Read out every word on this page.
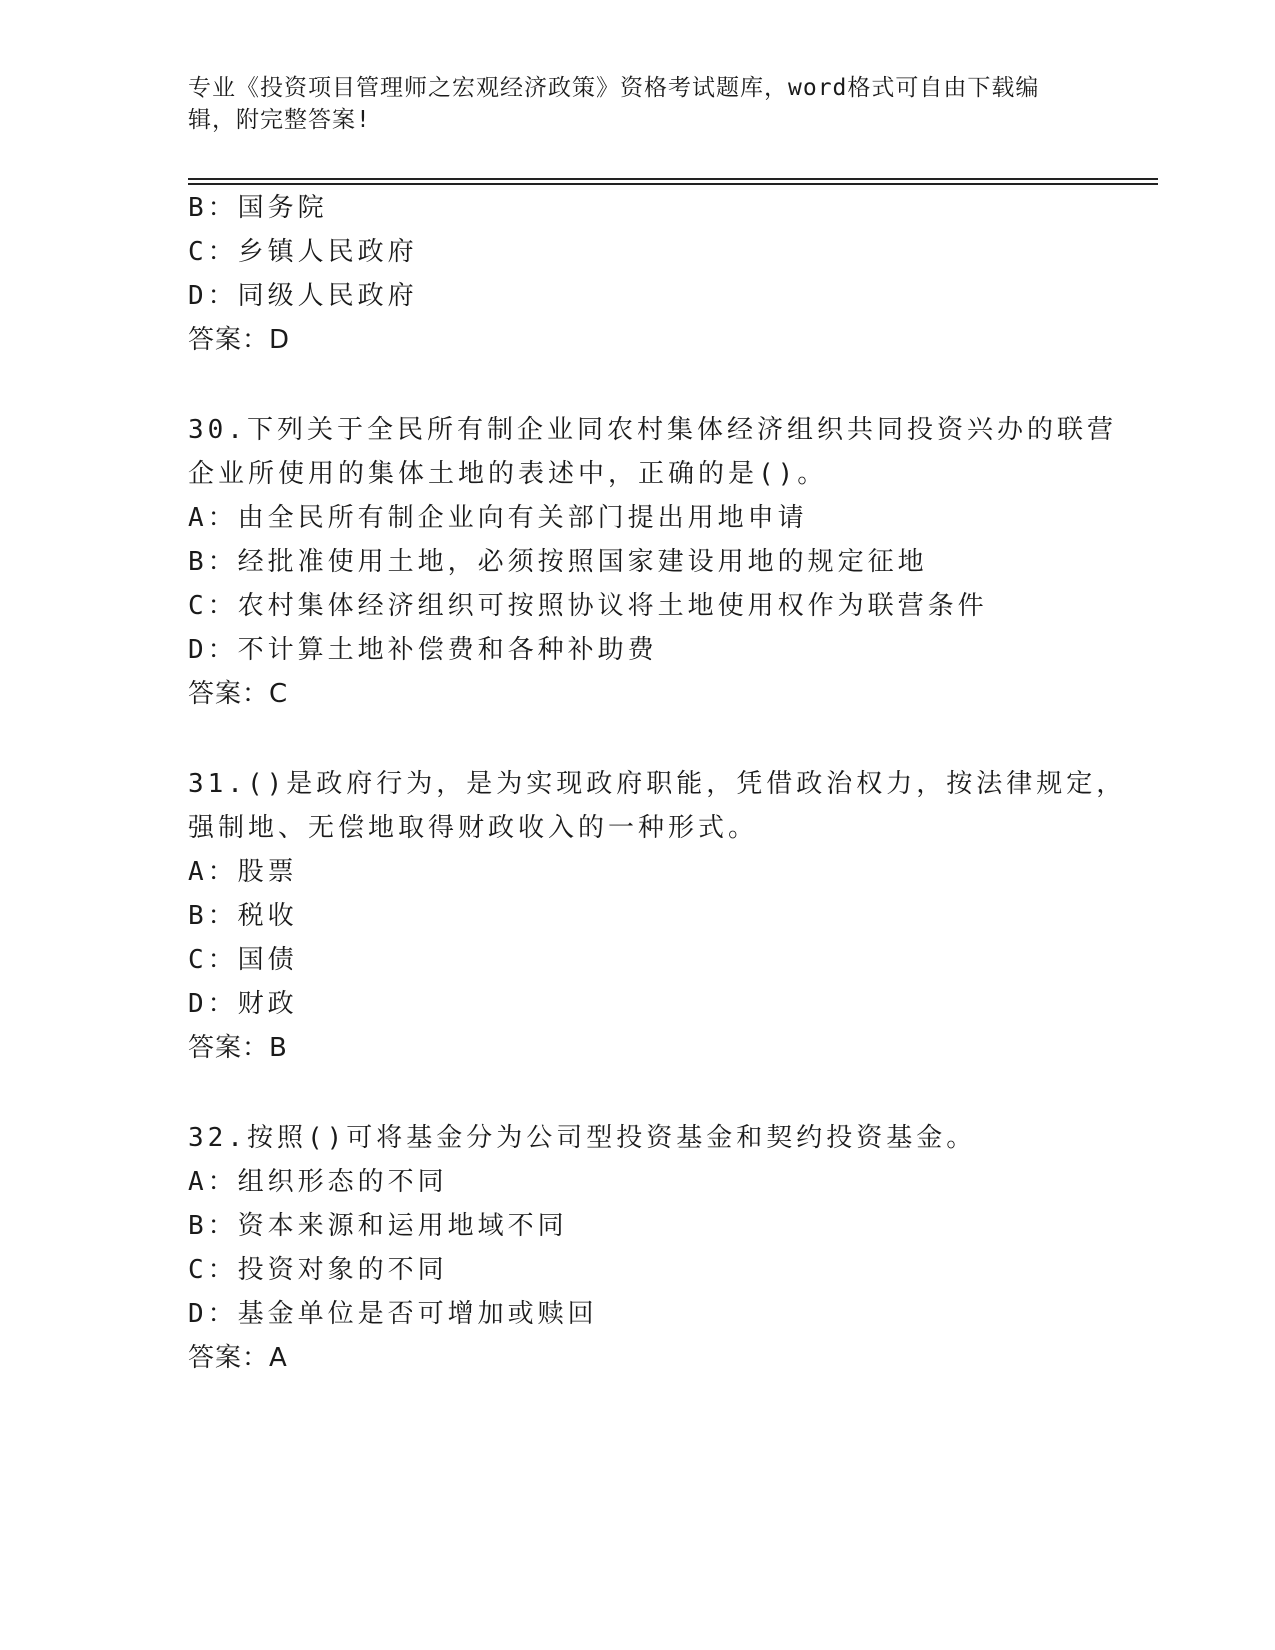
专业《投资项目管理师之宏观经济政策》资格考试题库，word格式可自由下载编
辑，附完整答案!
B：国务院
C：乡镇人民政府
D：同级人民政府
答案：D
30.下列关于全民所有制企业同农村集体经济组织共同投资兴办的联营
企业所使用的集体土地的表述中，正确的是()。
A：由全民所有制企业向有关部门提出用地申请
B：经批准使用土地，必须按照国家建设用地的规定征地
C：农村集体经济组织可按照协议将土地使用权作为联营条件
D：不计算土地补偿费和各种补助费
答案：C
31.()是政府行为，是为实现政府职能，凭借政治权力，按法律规定，
强制地、无偿地取得财政收入的一种形式。
A：股票
B：税收
C：国债
D：财政
答案：B
32.按照()可将基金分为公司型投资基金和契约投资基金。
A：组织形态的不同
B：资本来源和运用地域不同
C：投资对象的不同
D：基金单位是否可增加或赎回
答案：A
